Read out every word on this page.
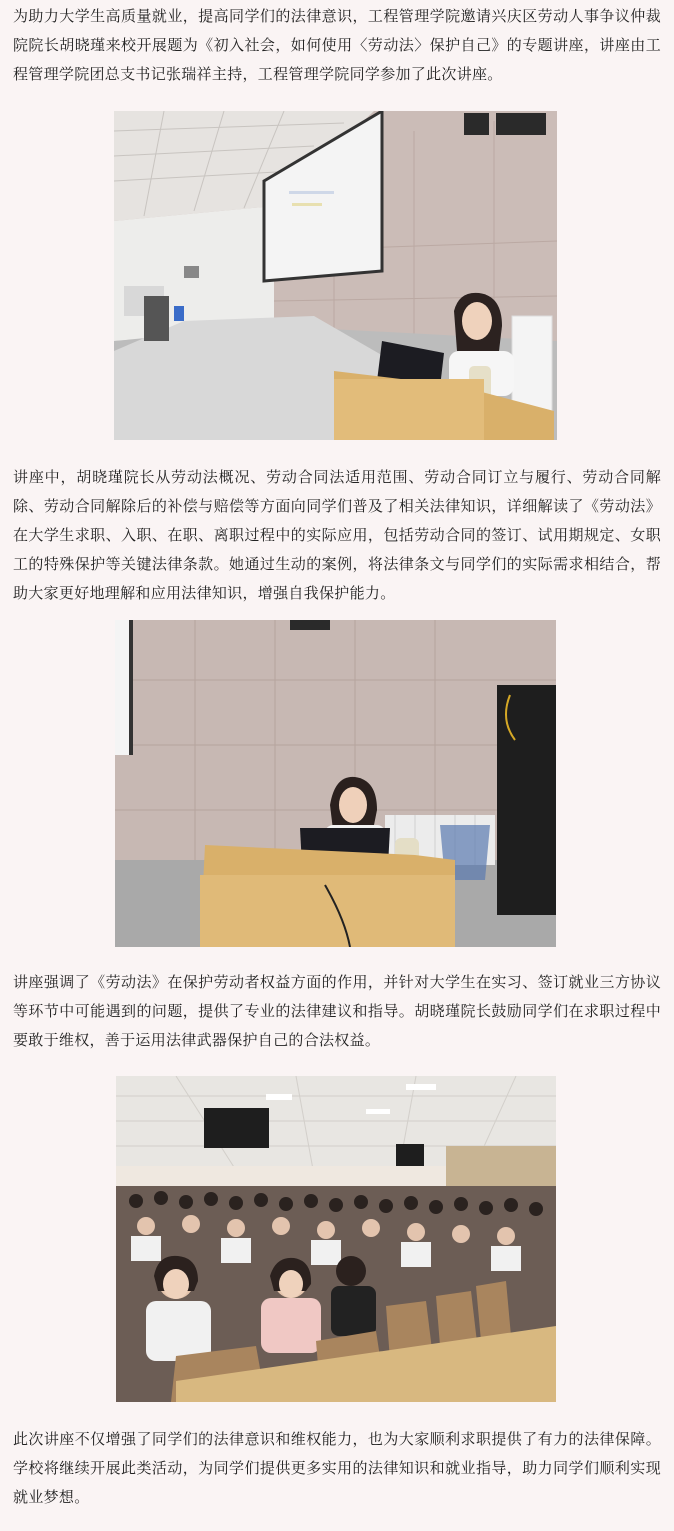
为助力大学生高质量就业，提高同学们的法律意识，工程管理学院邀请兴庆区劳动人事争议仲裁院院长胡晓瑾来校开展题为《初入社会，如何使用〈劳动法〉保护自己》的专题讲座，讲座由工程管理学院团总支书记张瑞祥主持，工程管理学院同学参加了此次讲座。

讲座中，胡晓瑾院长从劳动法概况、劳动合同法适用范围、劳动合同订立与履行、劳动合同解除、劳动合同解除后的补偿与赔偿等方面向同学们普及了相关法律知识，详细解读了《劳动法》在大学生求职、入职、在职、离职过程中的实际应用，包括劳动合同的签订、试用期规定、女职工的特殊保护等关键法律条款。她通过生动的案例，将法律条文与同学们的实际需求相结合，帮助大家更好地理解和应用法律知识，增强自我保护能力。

讲座强调了《劳动法》在保护劳动者权益方面的作用，并针对大学生在实习、签订就业三方协议等环节中可能遇到的问题，提供了专业的法律建议和指导。胡晓瑾院长鼓励同学们在求职过程中要敢于维权，善于运用法律武器保护自己的合法权益。

此次讲座不仅增强了同学们的法律意识和维权能力，也为大家顺利求职提供了有力的法律保障。学校将继续开展此类活动，为同学们提供更多实用的法律知识和就业指导，助力同学们顺利实现就业梦想。
